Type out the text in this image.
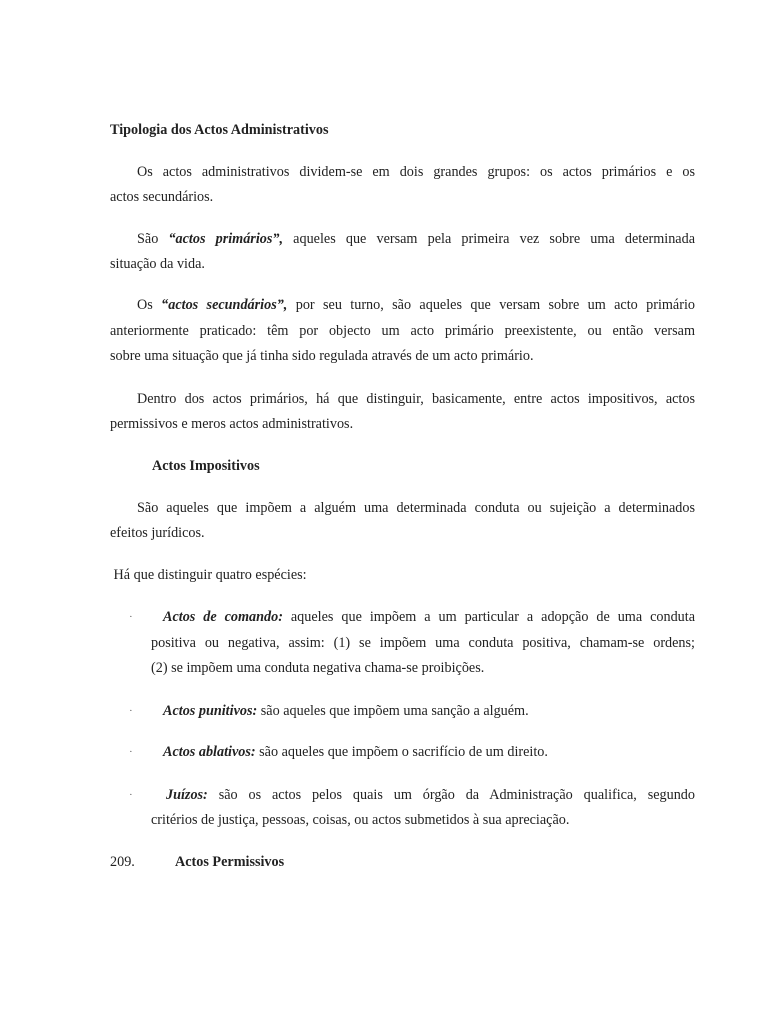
Tipologia dos Actos Administrativos
Os actos administrativos dividem-se em dois grandes grupos: os actos primários e os
actos secundários.
São “actos primários”, aqueles que versam pela primeira vez sobre uma determinada
situação da vida.
Os “actos secundários”, por seu turno, são aqueles que versam sobre um acto primário
anteriormente praticado: têm por objecto um acto primário preexistente, ou então versam
sobre uma situação que já tinha sido regulada através de um acto primário.
Dentro dos actos primários, há que distinguir, basicamente, entre actos impositivos, actos
permissivos e meros actos administrativos.
Actos Impositivos
São aqueles que impõem a alguém uma determinada conduta ou sujeição a determinados
efeitos jurídicos.
Há que distinguir quatro espécies:
· Actos de comando: aqueles que impõem a um particular a adopção de uma conduta
positiva ou negativa, assim: (1) se impõem uma conduta positiva, chamam-se ordens;
(2) se impõem uma conduta negativa chama-se proibições.
· Actos punitivos: são aqueles que impõem uma sanção a alguém.
· Actos ablativos: são aqueles que impõem o sacrifício de um direito.
· Juízos: são os actos pelos quais um órgão da Administração qualifica, segundo
critérios de justiça, pessoas, coisas, ou actos submetidos à sua apreciação.
209.	Actos Permissivos
